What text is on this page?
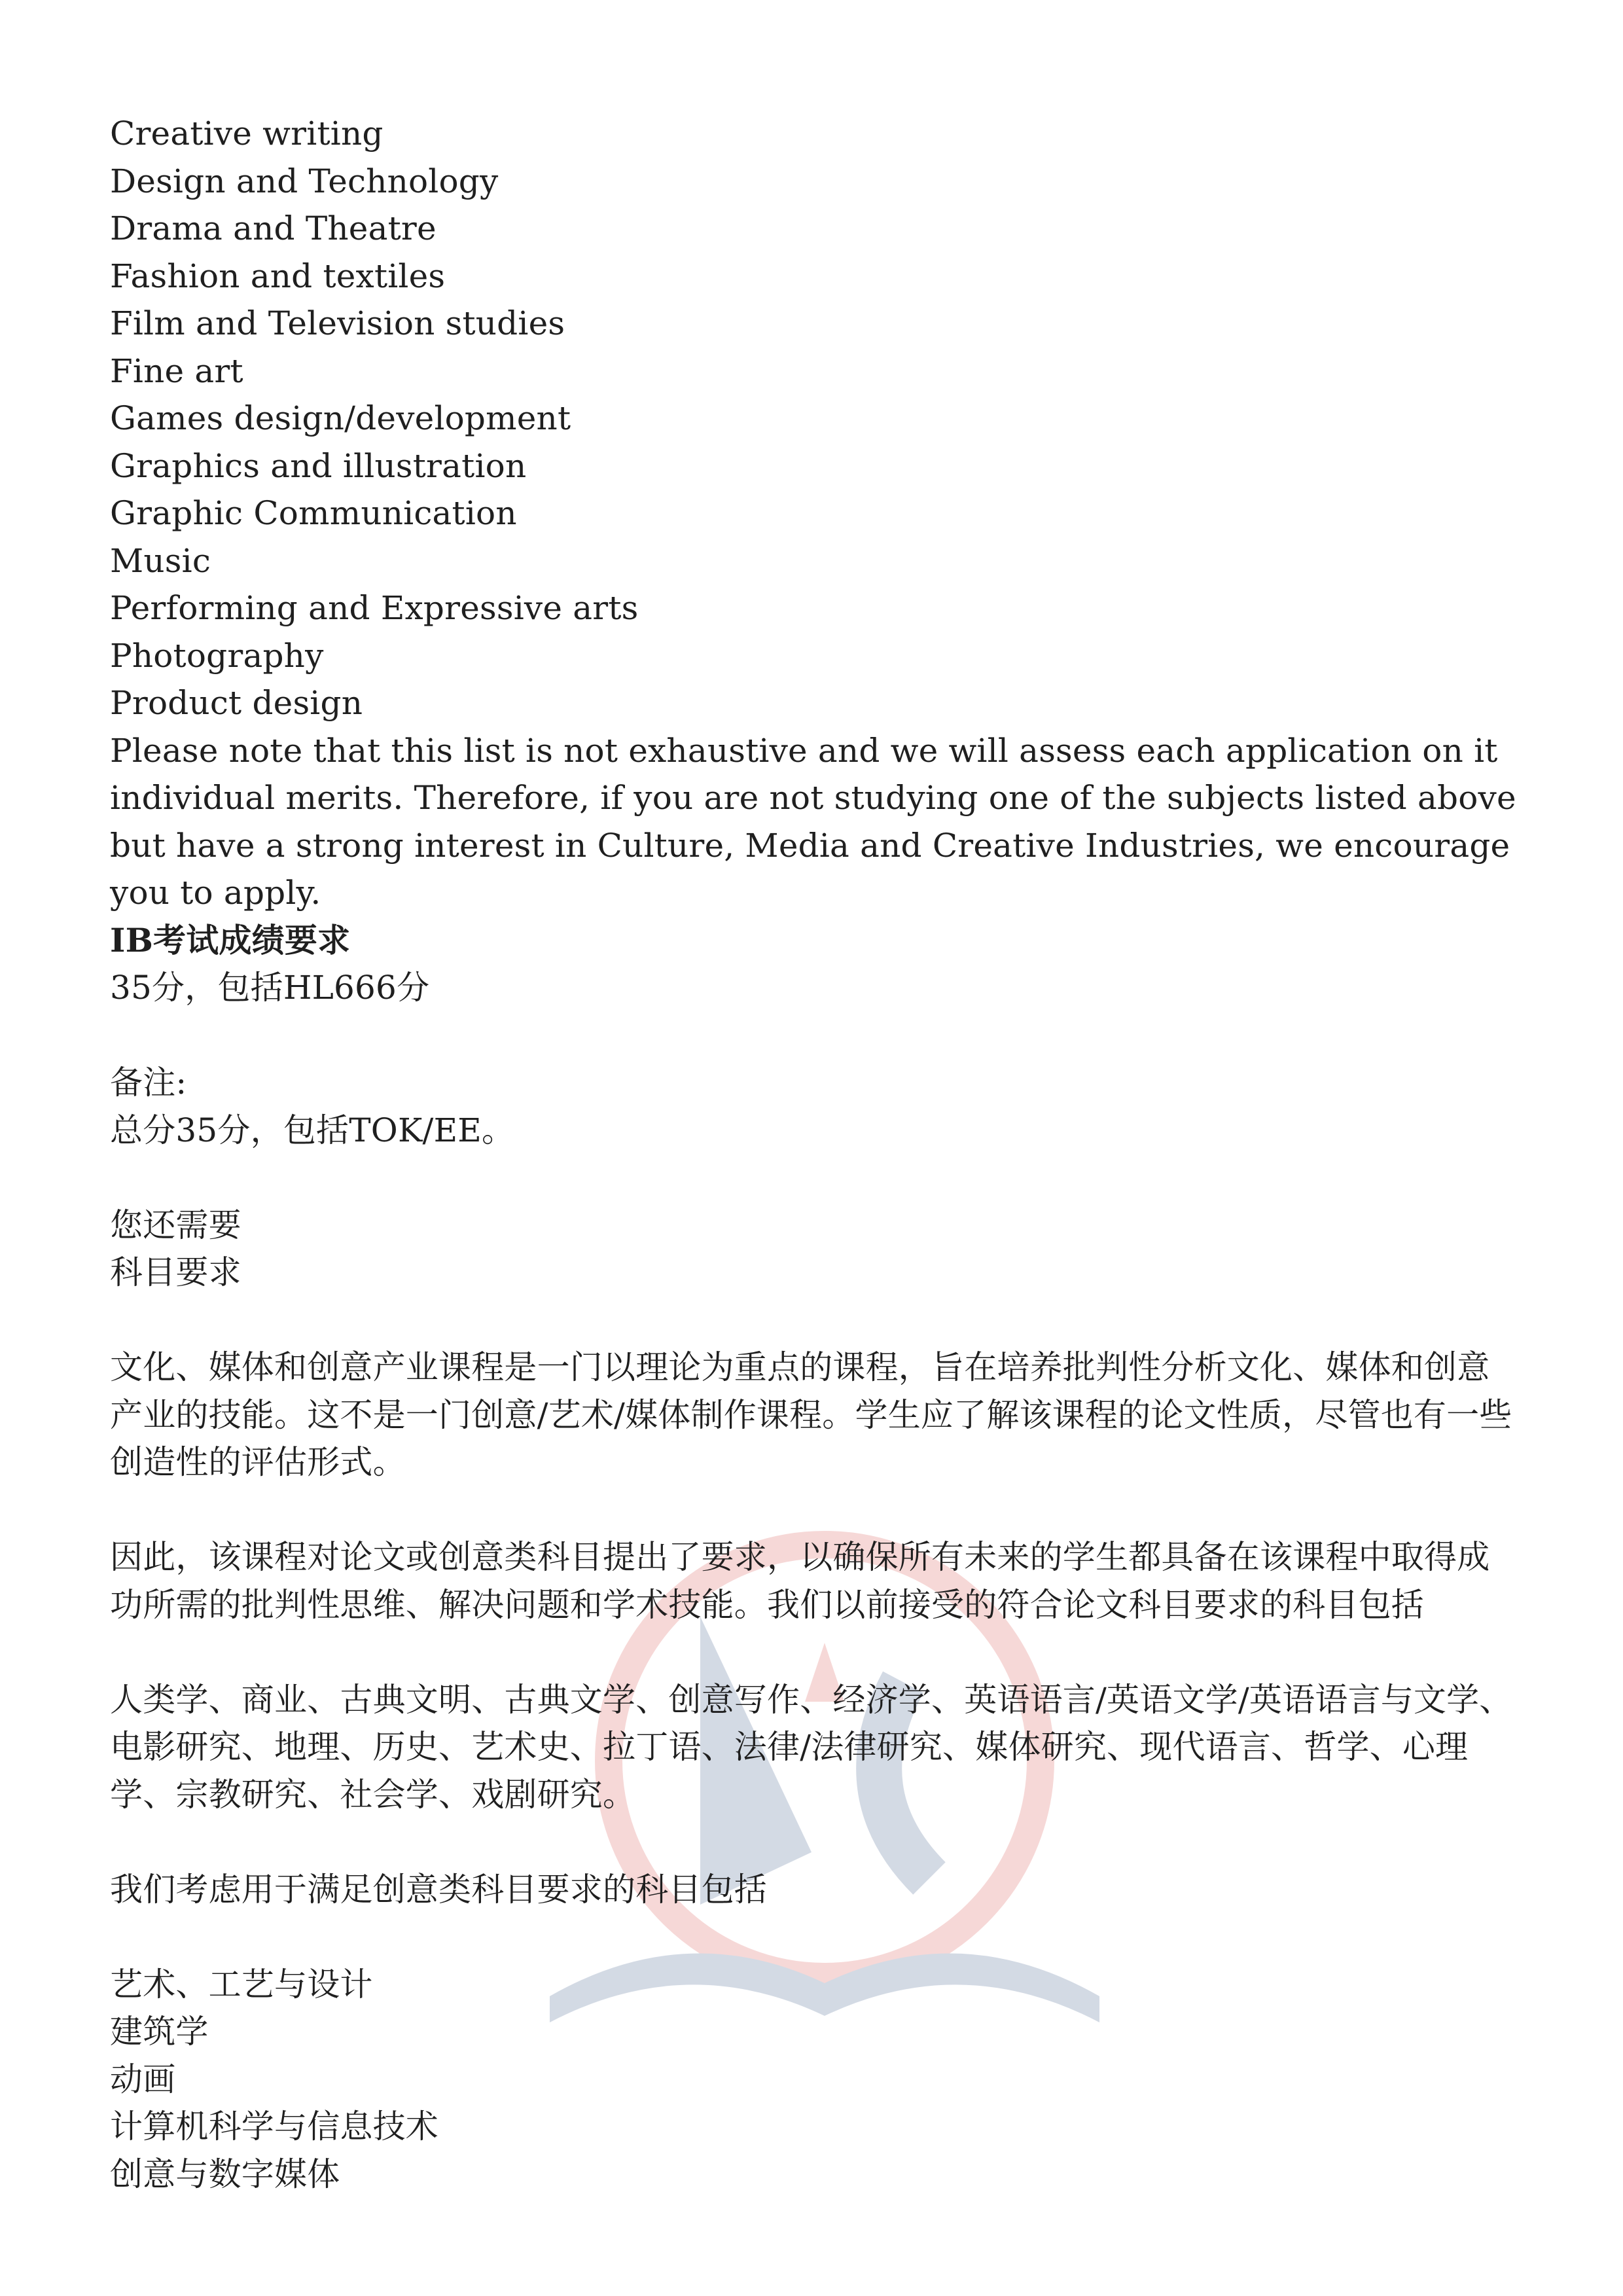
Creative writing
Design and Technology
Drama and Theatre
Fashion and textiles
Film and Television studies
Fine art
Games design/development
Graphics and illustration
Graphic Communication
Music
Performing and Expressive arts
Photography
Product design
Please note that this list is not exhaustive and we will assess each application on it individual merits. Therefore, if you are not studying one of the subjects listed above but have a strong interest in Culture, Media and Creative Industries, we encourage you to apply.
IB考试成绩要求
35分，包括HL666分
备注:
总分35分，包括TOK/EE。
您还需要
科目要求
文化、媒体和创意产业课程是一门以理论为重点的课程，旨在培养批判性分析文化、媒体和创意产业的技能。这不是一门创意/艺术/媒体制作课程。学生应了解该课程的论文性质，尽管也有一些创造性的评估形式。
因此，该课程对论文或创意类科目提出了要求，以确保所有未来的学生都具备在该课程中取得成功所需的批判性思维、解决问题和学术技能。我们以前接受的符合论文科目要求的科目包括
人类学、商业、古典文明、古典文学、创意写作、经济学、英语语言/英语文学/英语语言与文学、电影研究、地理、历史、艺术史、拉丁语、法律/法律研究、媒体研究、现代语言、哲学、心理学、宗教研究、社会学、戏剧研究。
我们考虑用于满足创意类科目要求的科目包括
艺术、工艺与设计
建筑学
动画
计算机科学与信息技术
创意与数字媒体
